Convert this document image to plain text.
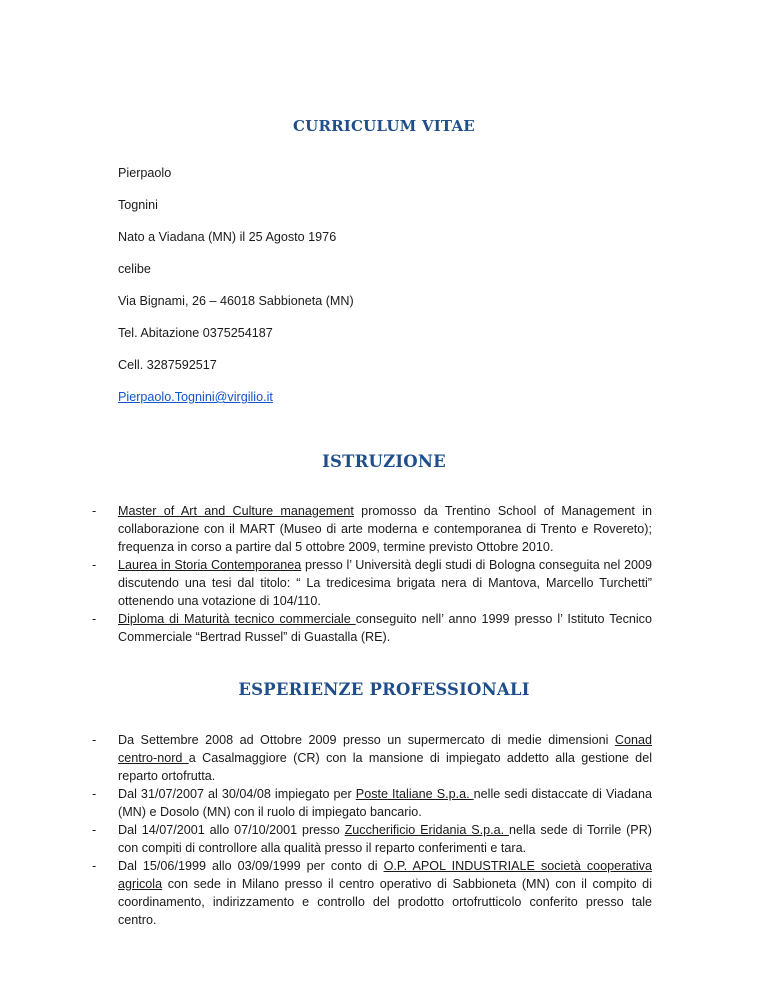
CURRICULUM VITAE
Pierpaolo
Tognini
Nato a Viadana (MN) il 25 Agosto 1976
celibe
Via Bignami, 26 – 46018 Sabbioneta (MN)
Tel. Abitazione 0375254187
Cell. 3287592517
Pierpaolo.Tognini@virgilio.it
ISTRUZIONE
- Master of Art and Culture management promosso da Trentino School of Management in collaborazione con il MART (Museo di arte moderna e contemporanea di Trento e Rovereto); frequenza in corso a partire dal 5 ottobre 2009, termine previsto Ottobre 2010.
- Laurea in Storia Contemporanea presso l’ Università degli studi di Bologna conseguita nel 2009 discutendo una tesi dal titolo: “ La tredicesima brigata nera di Mantova, Marcello Turchetti” ottenendo una votazione di 104/110.
- Diploma di Maturità tecnico commerciale conseguito nell’ anno 1999 presso l’ Istituto Tecnico Commerciale “Bertrad Russel” di Guastalla (RE).
ESPERIENZE PROFESSIONALI
- Da Settembre 2008 ad Ottobre 2009 presso un supermercato di medie dimensioni Conad centro-nord a Casalmaggiore (CR) con la mansione di impiegato addetto alla gestione del reparto ortofrutta.
- Dal 31/07/2007 al 30/04/08 impiegato per Poste Italiane S.p.a. nelle sedi distaccate di Viadana (MN) e Dosolo (MN) con il ruolo di impiegato bancario.
- Dal 14/07/2001 allo 07/10/2001 presso Zuccherificio Eridania S.p.a. nella sede di Torrile (PR) con compiti di controllore alla qualità presso il reparto conferimenti e tara.
- Dal 15/06/1999 allo 03/09/1999 per conto di O.P. APOL INDUSTRIALE società cooperativa agricola con sede in Milano presso il centro operativo di Sabbioneta (MN) con il compito di coordinamento, indirizzamento e controllo del prodotto ortofrutticolo conferito presso tale centro.
